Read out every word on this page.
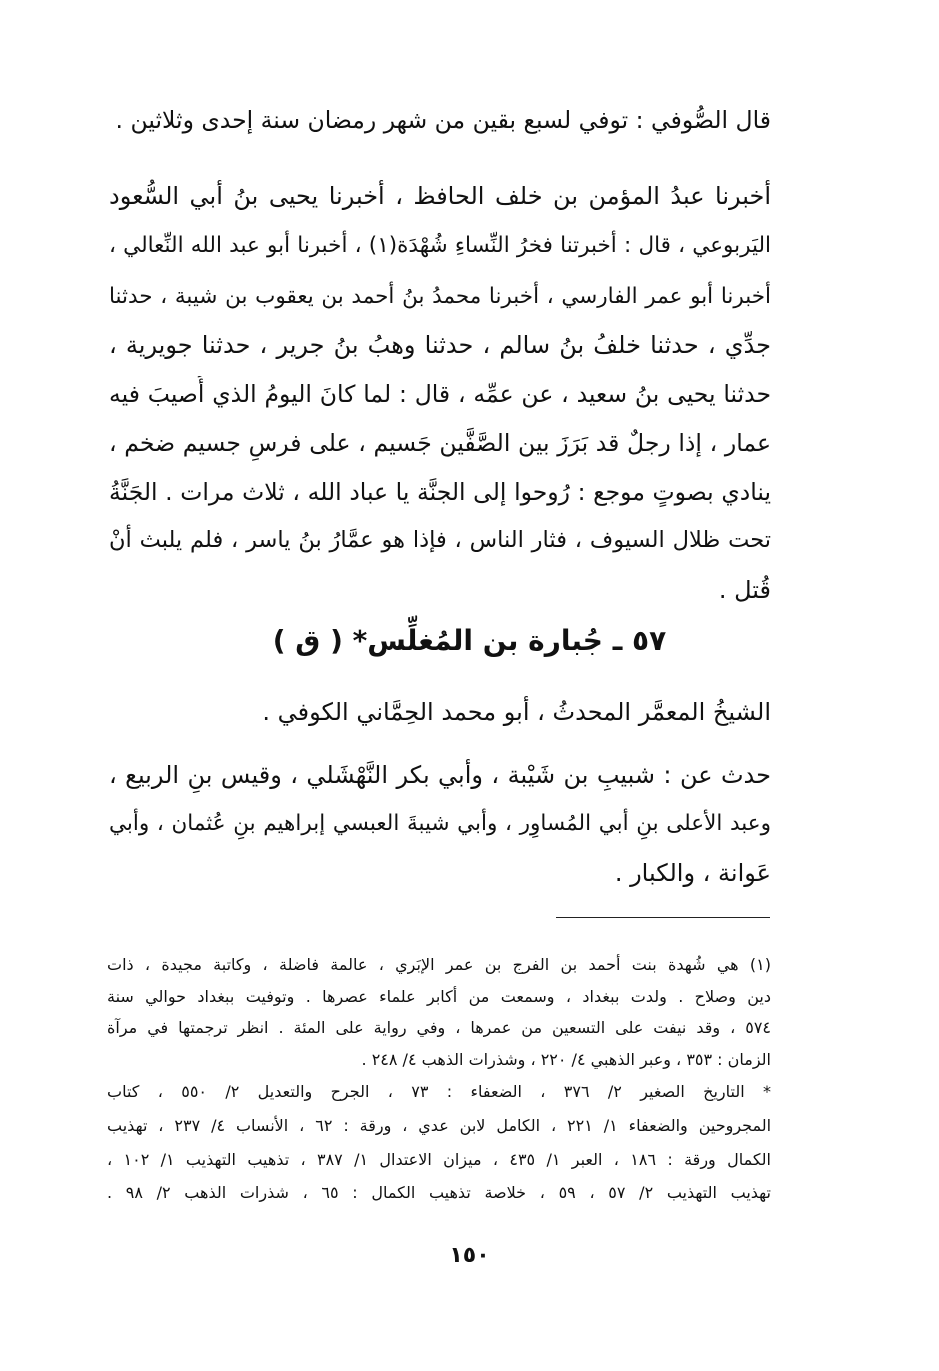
قال الصُّوفي : توفي لسبع بقين من شهر رمضان سنة إحدى وثلاثين .
أخبرنا عبدُ المؤمن بن خلف الحافظ ، أخبرنا يحيى بنُ أبي السُّعود
اليَربوعي ، قال : أخبرتنا فخرُ النِّساءِ شُهْدَة(١) ، أخبرنا أبو عبد الله النِّعالي ،
أخبرنا أبو عمر الفارسي ، أخبرنا محمدُ بنُ أحمد بن يعقوب بن شيبة ، حدثنا
جدِّي ، حدثنا خلفُ بنُ سالم ، حدثنا وهبُ بنُ جرير ، حدثنا جويرية ،
حدثنا يحيى بنُ سعيد ، عن عمِّه ، قال : لما كانَ اليومُ الذي أُصيبَ فيه
عمار ، إذا رجلٌ قد بَرَزَ بين الصَّفَّين جَسيم ، على فرسٍ جسيم ضخم ،
ينادي بصوتٍ موجع : رُوحوا إلى الجنَّة يا عباد الله ، ثلاث مرات . الجَنَّةُ
تحت ظلال السيوف ، فثار الناس ، فإذا هو عمَّارُ بنُ ياسر ، فلم يلبث أنْ
قُتل .
٥٧ ـ جُبارة بن المُغلِّس* ( ق )
الشيخُ المعمَّر المحدثُ ، أبو محمد الحِمَّاني الكوفي .
حدث عن : شبيبِ بن شَيْبة ، وأبي بكر النَّهْشَلي ، وقيس بنِ الربيع ،
وعبد الأعلى بنِ أبي المُساوِر ، وأبي شيبةَ العبسي إبراهيم بنِ عُثمان ، وأبي
عَوانة ، والكبار .
(١) هي شُهدة بنت أحمد بن الفرج بن عمر الإبَري ، عالمة فاضلة ، وكاتبة مجيدة ، ذات
دين وصلاح . ولدت ببغداد ، وسمعت من أكابر علماء عصرها . وتوفيت ببغداد حوالي سنة
٥٧٤ ، وقد نيفت على التسعين من عمرها ، وفي رواية على المئة . انظر ترجمتها في مرآة
الزمان : ٣٥٣ ، وعبر الذهبي ٤/ ٢٢٠ ، وشذرات الذهب ٤/ ٢٤٨ .
* التاريخ الصغير ٢/ ٣٧٦ ، الضعفاء : ٧٣ ، الجرح والتعديل ٢/ ٥٥٠ ، كتاب
المجروحين والضعفاء ١/ ٢٢١ ، الكامل لابن عدي ، ورقة : ٦٢ ، الأنساب ٤/ ٢٣٧ ، تهذيب
الكمال ورقة : ١٨٦ ، العبر ١/ ٤٣٥ ، ميزان الاعتدال ١/ ٣٨٧ ، تذهيب التهذيب ١/ ١٠٢ ،
تهذيب التهذيب ٢/ ٥٧ ، ٥٩ ، خلاصة تذهيب الكمال : ٦٥ ، شذرات الذهب ٢/ ٩٨ .
١٥٠
